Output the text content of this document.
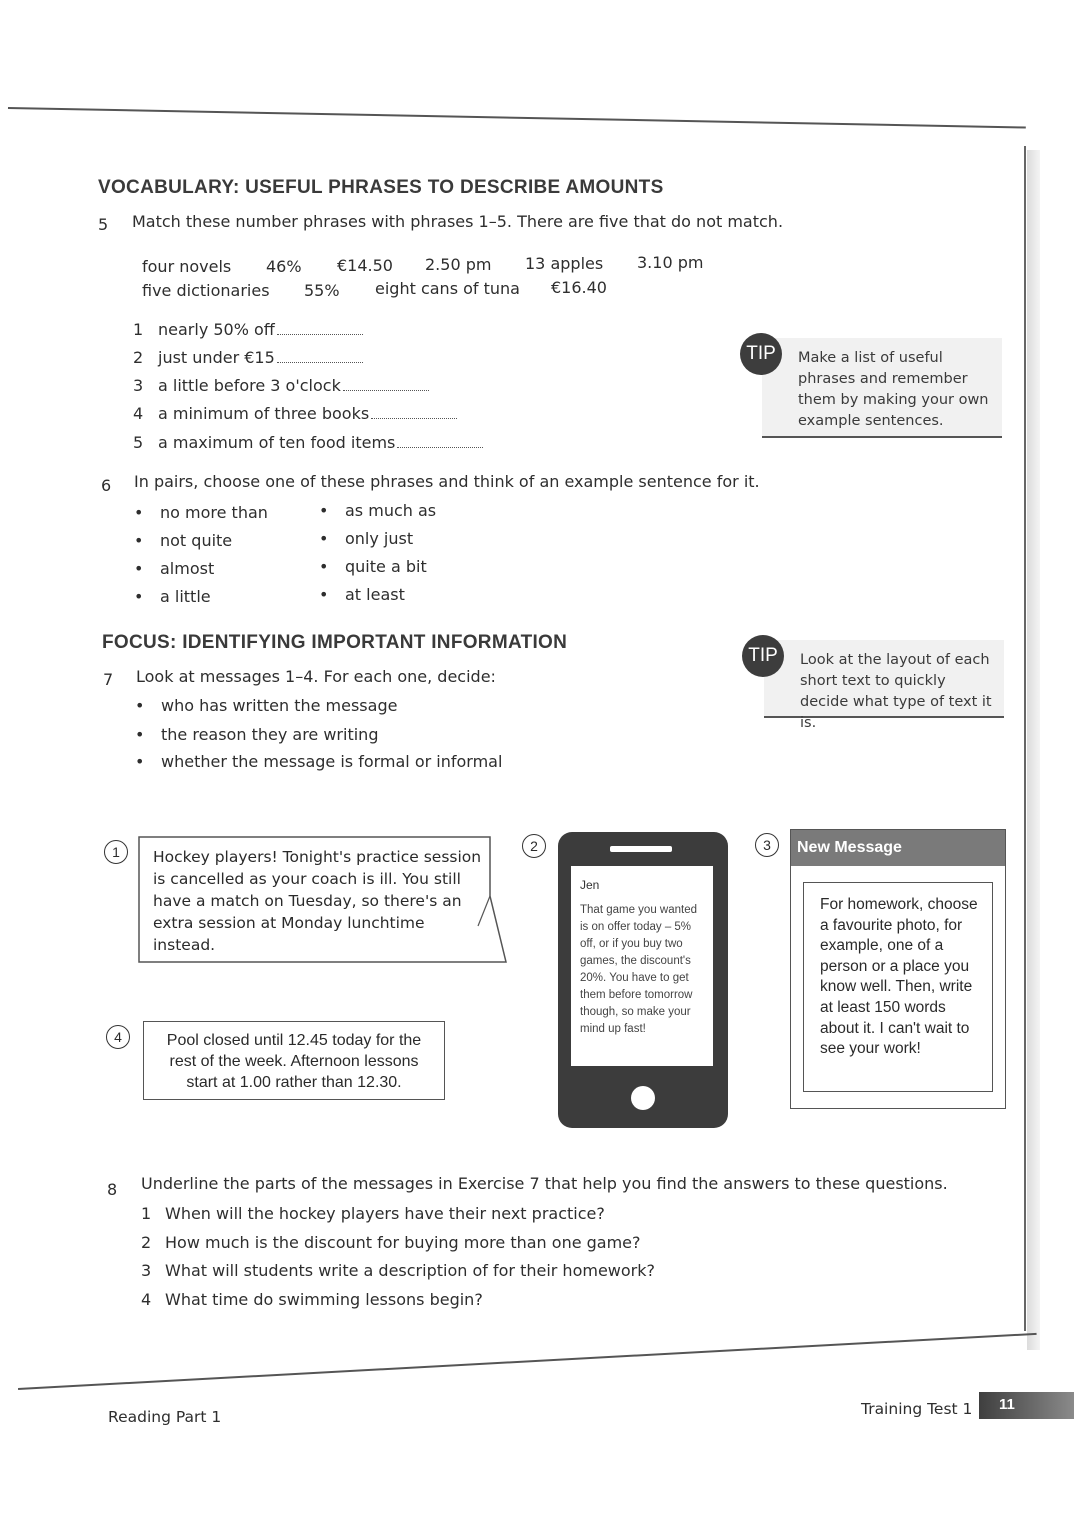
VOCABULARY: USEFUL PHRASES TO DESCRIBE AMOUNTS
5 Match these number phrases with phrases 1–5. There are five that do not match.
four novels 46% €14.50 2.50 pm 13 apples 3.10 pm
five dictionaries 55% eight cans of tuna €16.40
1 nearly 50% off
2 just under €15
3 a little before 3 o'clock
4 a minimum of three books
5 a maximum of ten food items
Make a list of useful phrases and remember them by making your own example sentences.
TIP
6 In pairs, choose one of these phrases and think of an example sentence for it.
• no more than
• not quite
• almost
• a little
• as much as
• only just
• quite a bit
• at least
FOCUS: IDENTIFYING IMPORTANT INFORMATION
7 Look at messages 1–4. For each one, decide:
• who has written the message
• the reason they are writing
• whether the message is formal or informal
Look at the layout of each short text to quickly decide what type of text it is.
TIP
1	Hockey players! Tonight's practice session is cancelled as your coach is ill. You still have a match on Tuesday, so there's an extra session at Monday lunchtime instead.
4	Pool closed until 12.45 today for the rest of the week. Afternoon lessons start at 1.00 rather than 12.30.
2
Jen
That game you wanted is on offer today – 5% off, or if you buy two games, the discount's 20%. You have to get them before tomorrow though, so make your mind up fast!
3	New Message
For homework, choose a favourite photo, for example, one of a person or a place you know well. Then, write at least 150 words about it. I can't wait to see your work!
8 Underline the parts of the messages in Exercise 7 that help you find the answers to these questions.
1 When will the hockey players have their next practice?
2 How much is the discount for buying more than one game?
3 What will students write a description of for their homework?
4 What time do swimming lessons begin?
Reading Part 1	Training Test 1 11
